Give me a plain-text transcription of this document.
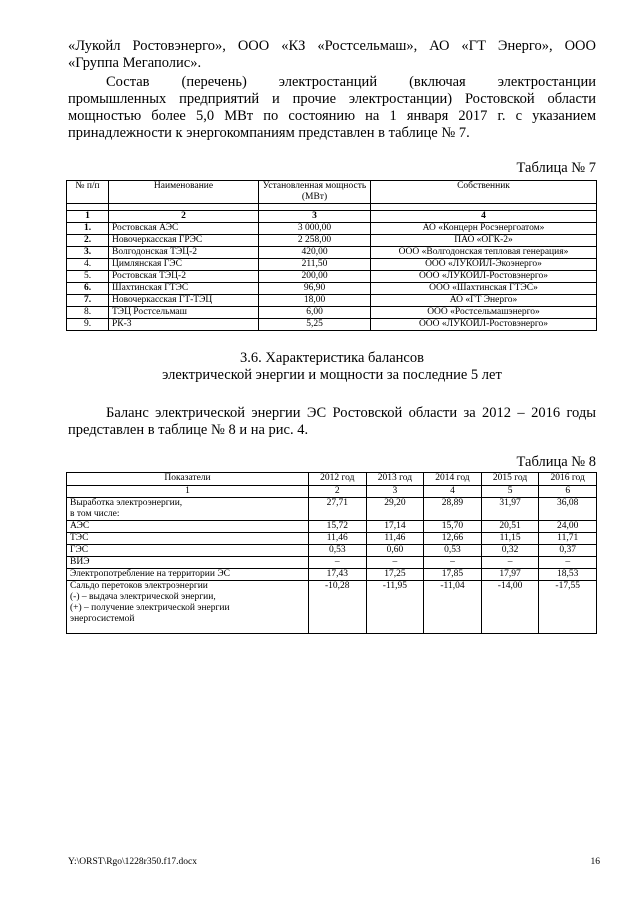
«Лукойл Ростовэнерго», ООО «КЗ «Ростсельмаш», АО «ГТ Энерго», ООО
«Группа Мегаполис».
Состав (перечень) электростанций (включая электростанции
промышленных предприятий и прочие электростанции) Ростовской области
мощностью более 5,0 МВт по состоянию на 1 января 2017 г. с указанием
принадлежности к энергокомпаниям представлен в таблице № 7.
Таблица № 7
№ п/п	Наименование	Установленная мощность (МВт)	Собственник

1	2	3	4
1.	Ростовская АЭС	3 000,00	АО «Концерн Росэнергоатом»
2.	Новочеркасская ГРЭС	2 258,00	ПАО «ОГК-2»
3.	Волгодонская ТЭЦ-2	420,00	ООО «Волгодонская тепловая генерация»
4.	Цимлянская ГЭС	211,50	ООО «ЛУКОЙЛ-Экоэнерго»
5.	Ростовская ТЭЦ-2	200,00	ООО «ЛУКОЙЛ-Ростовэнерго»
6.	Шахтинская ГТЭС	96,90	ООО «Шахтинская ГТЭС»
7.	Новочеркасская ГТ-ТЭЦ	18,00	АО «ГТ Энерго»
8.	ТЭЦ Ростсельмаш	6,00	ООО «Ростсельмашэнерго»
9.	РК-3	5,25	ООО «ЛУКОЙЛ-Ростовэнерго»
3.6. Характеристика балансов
электрической энергии и мощности за последние 5 лет
Баланс электрической энергии ЭС Ростовской области за 2012 – 2016 годы
представлен в таблице № 8 и на рис. 4.
Таблица № 8
Показатели	2012 год	2013 год	2014 год	2015 год	2016 год
1	2	3	4	5	6

Выработка электроэнергии,
в том числе:	27,71	29,20	28,89	31,97	36,08
АЭС	15,72	17,14	15,70	20,51	24,00
ТЭС	11,46	11,46	12,66	11,15	11,71
ГЭС	0,53	0,60	0,53	0,32	0,37
ВИЭ	–	–	–	–	–
Электропотребление на территории ЭС	17,43	17,25	17,85	17,97	18,53

Сальдо перетоков электроэнергии
(-) – выдача электрической энергии,
(+) – получение электрической энергии
энергосистемой	-10,28	-11,95	-11,04	-14,00	-17,55
Y:\ORST\Rgo\1228r350.f17.docx	16
